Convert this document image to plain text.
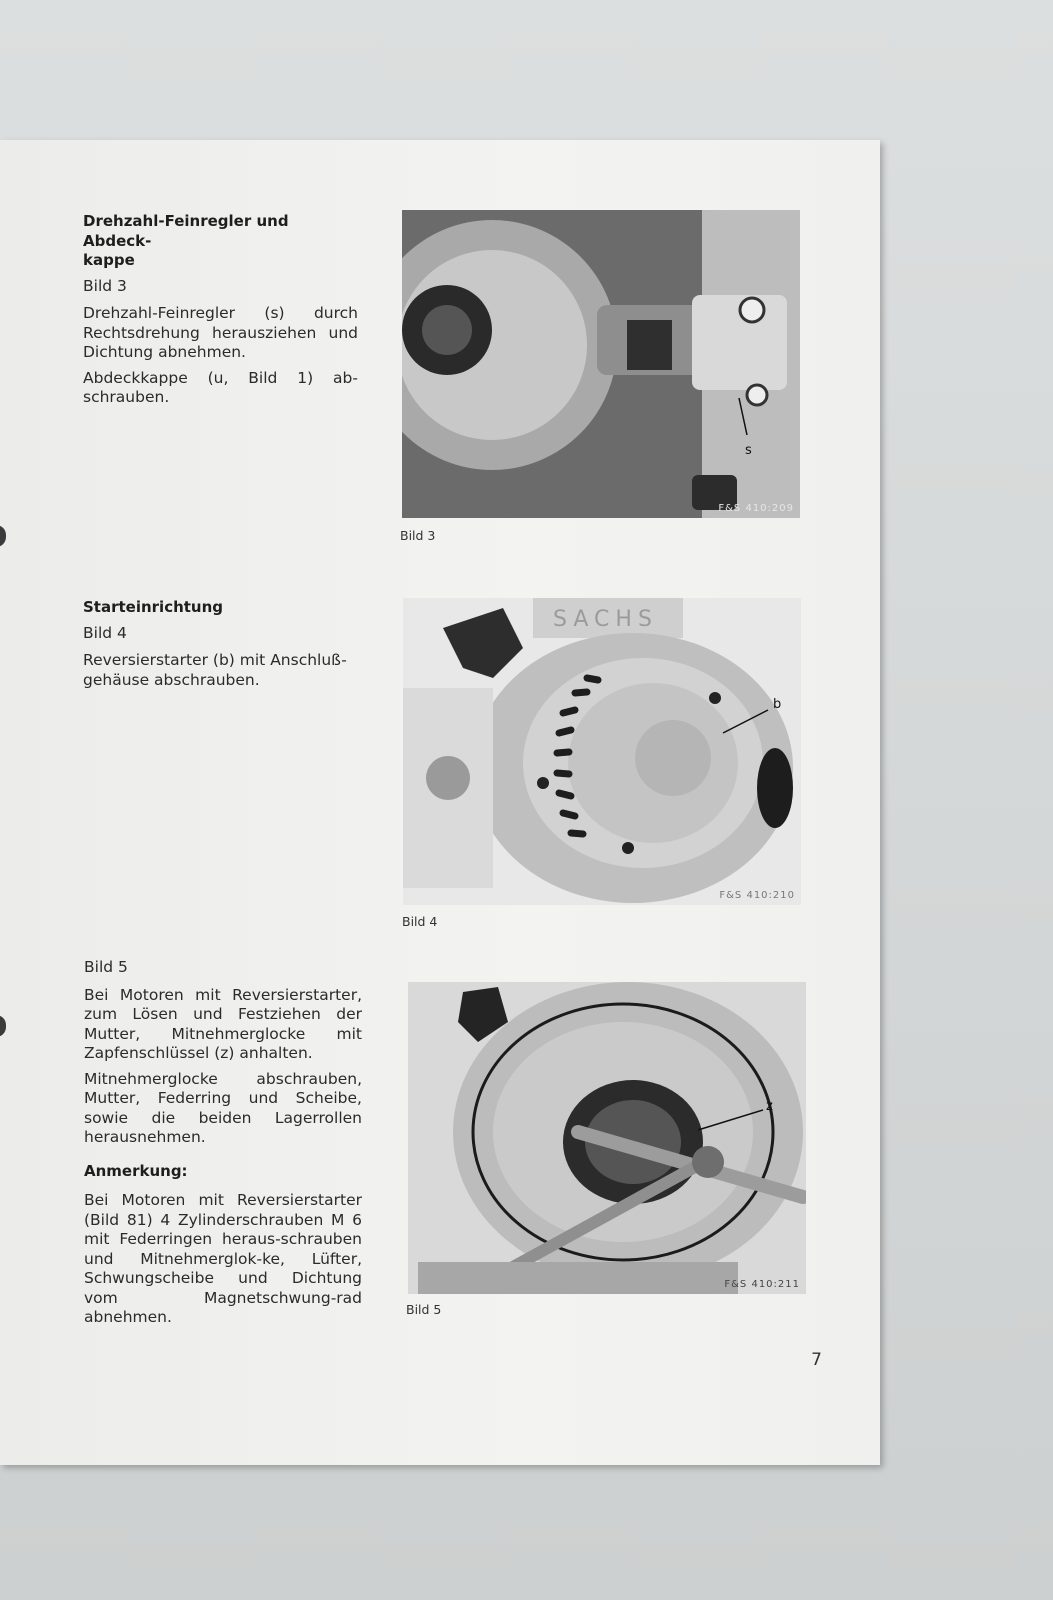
Drehzahl-Feinregler und Abdeck-
kappe
Bild 3

Drehzahl-Feinregler (s) durch Rechtsdrehung herausziehen und Dichtung abnehmen.

Abdeckkappe (u, Bild 1) ab-schrauben.

s
F&S 410:209
Bild 3
Starteinrichtung
Bild 4

Reversierstarter (b) mit Anschluß-gehäuse abschrauben.

SACHS
b
F&S 410:210
Bild 4
Bild 5

Bei Motoren mit Reversierstarter, zum Lösen und Festziehen der Mutter, Mitnehmerglocke mit Zapfenschlüssel (z) anhalten.

Mitnehmerglocke abschrauben, Mutter, Federring und Scheibe, sowie die beiden Lagerrollen herausnehmen.

Anmerkung:

Bei Motoren mit Reversierstarter (Bild 81) 4 Zylinderschrauben M 6 mit Federringen heraus-schrauben und Mitnehmerglok-ke, Lüfter, Schwungscheibe und Dichtung vom Magnetschwung-rad abnehmen.

z
F&S 410:211
Bild 5
7
